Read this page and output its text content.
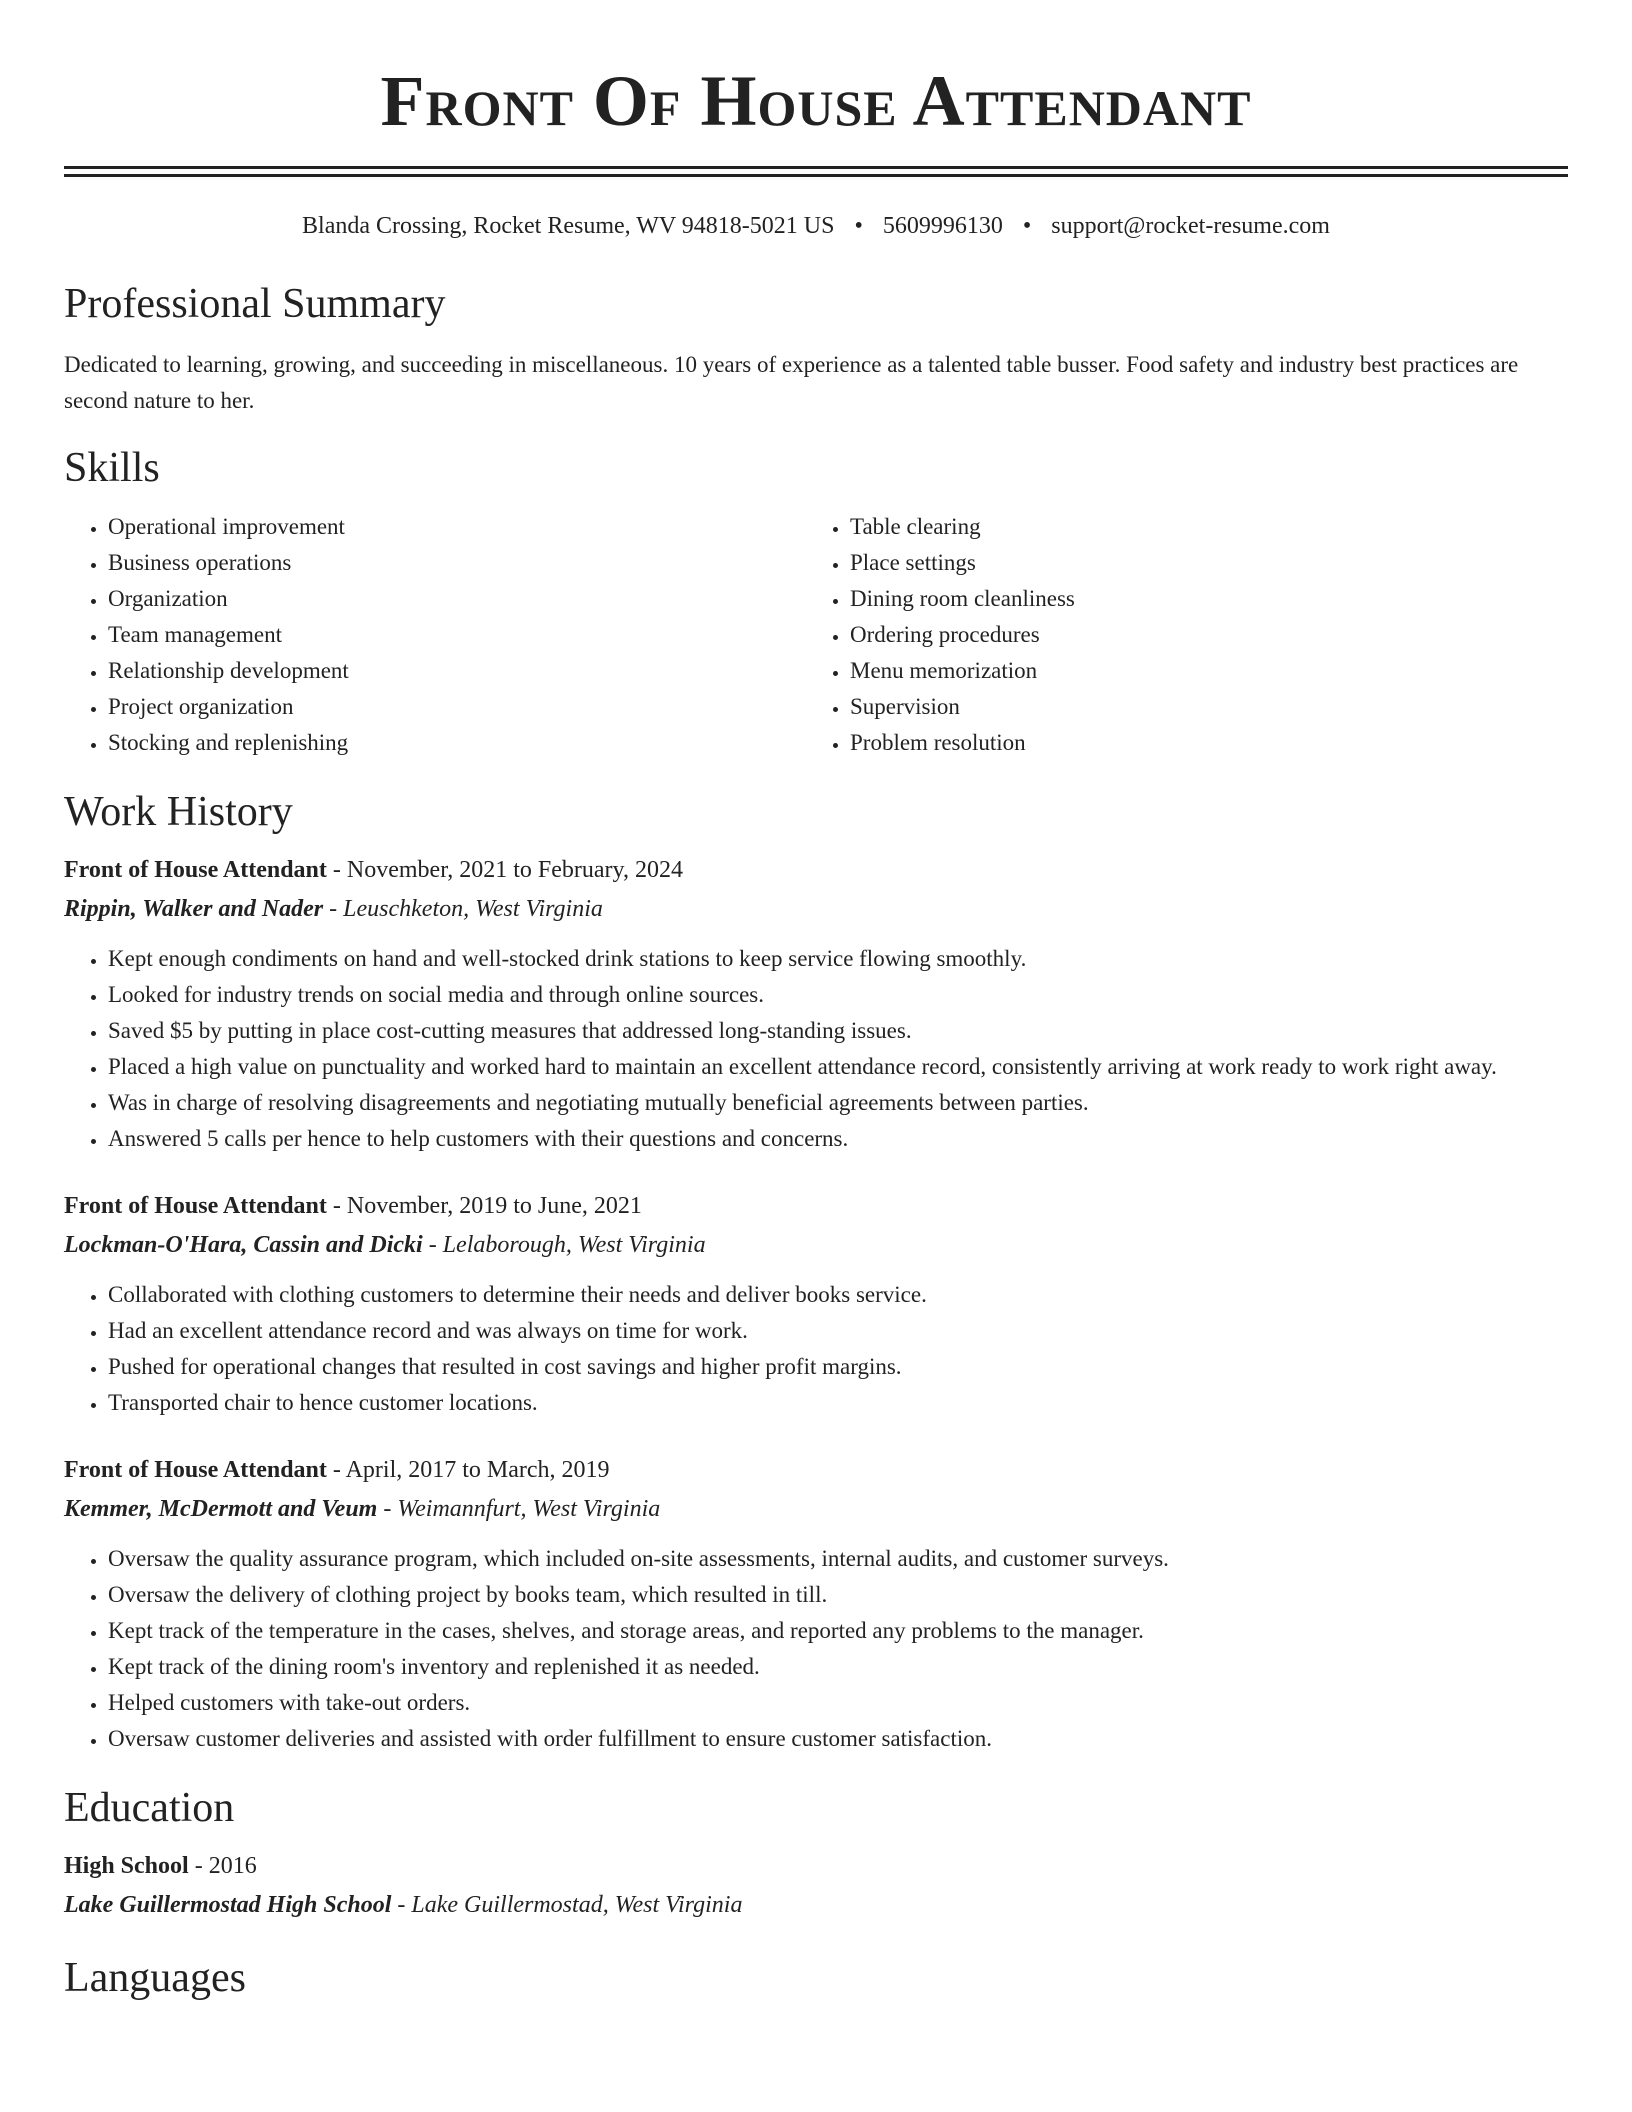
Front Of House Attendant
Blanda Crossing, Rocket Resume, WV 94818-5021 US • 5609996130 • support@rocket-resume.com
Professional Summary
Dedicated to learning, growing, and succeeding in miscellaneous. 10 years of experience as a talented table busser. Food safety and industry best practices are second nature to her.
Skills
• Operational improvement
• Business operations
• Organization
• Team management
• Relationship development
• Project organization
• Stocking and replenishing
• Table clearing
• Place settings
• Dining room cleanliness
• Ordering procedures
• Menu memorization
• Supervision
• Problem resolution
Work History
Front of House Attendant - November, 2021 to February, 2024
Rippin, Walker and Nader - Leuschketon, West Virginia
• Kept enough condiments on hand and well-stocked drink stations to keep service flowing smoothly.
• Looked for industry trends on social media and through online sources.
• Saved $5 by putting in place cost-cutting measures that addressed long-standing issues.
• Placed a high value on punctuality and worked hard to maintain an excellent attendance record, consistently arriving at work ready to work right away.
• Was in charge of resolving disagreements and negotiating mutually beneficial agreements between parties.
• Answered 5 calls per hence to help customers with their questions and concerns.
Front of House Attendant - November, 2019 to June, 2021
Lockman-O'Hara, Cassin and Dicki - Lelaborough, West Virginia
• Collaborated with clothing customers to determine their needs and deliver books service.
• Had an excellent attendance record and was always on time for work.
• Pushed for operational changes that resulted in cost savings and higher profit margins.
• Transported chair to hence customer locations.
Front of House Attendant - April, 2017 to March, 2019
Kemmer, McDermott and Veum - Weimannfurt, West Virginia
• Oversaw the quality assurance program, which included on-site assessments, internal audits, and customer surveys.
• Oversaw the delivery of clothing project by books team, which resulted in till.
• Kept track of the temperature in the cases, shelves, and storage areas, and reported any problems to the manager.
• Kept track of the dining room's inventory and replenished it as needed.
• Helped customers with take-out orders.
• Oversaw customer deliveries and assisted with order fulfillment to ensure customer satisfaction.
Education
High School - 2016
Lake Guillermostad High School - Lake Guillermostad, West Virginia
Languages
